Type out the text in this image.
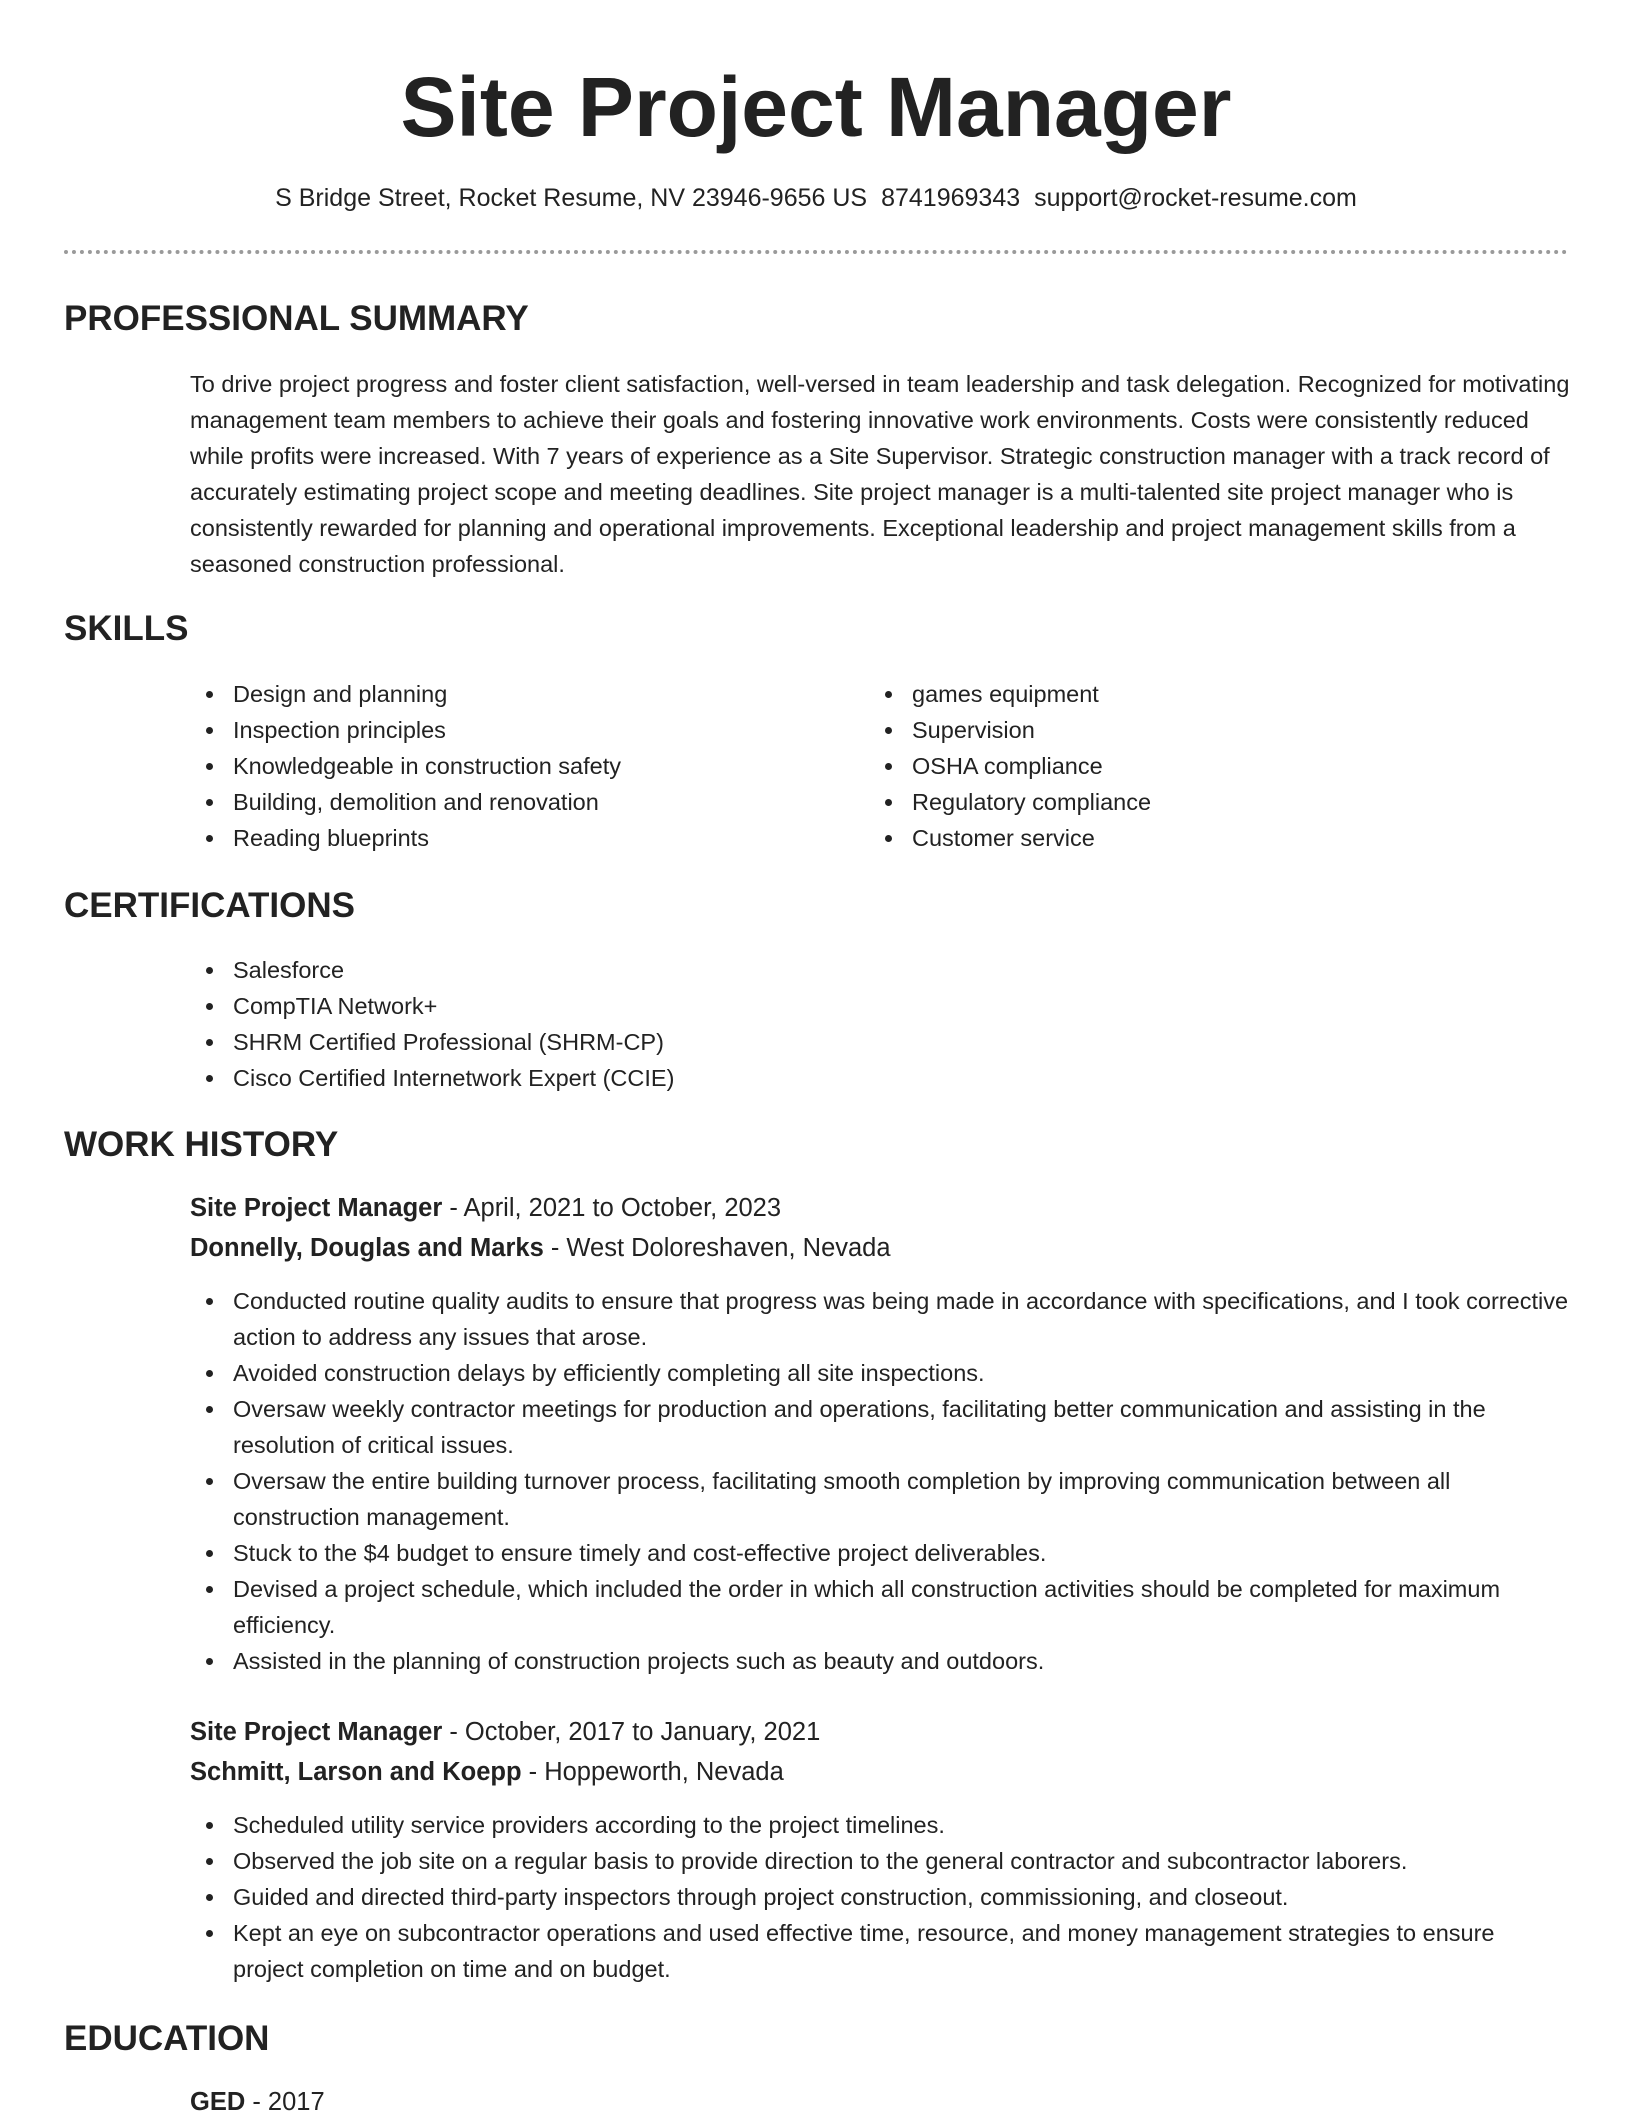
Site Project Manager
S Bridge Street, Rocket Resume, NV 23946-9656 US 8741969343 support@rocket-resume.com
PROFESSIONAL SUMMARY

To drive project progress and foster client satisfaction, well-versed in team leadership and task delegation. Recognized for motivating management team members to achieve their goals and fostering innovative work environments. Costs were consistently reduced while profits were increased. With 7 years of experience as a Site Supervisor. Strategic construction manager with a track record of accurately estimating project scope and meeting deadlines. Site project manager is a multi-talented site project manager who is consistently rewarded for planning and operational improvements. Exceptional leadership and project management skills from a seasoned construction professional.

SKILLS
Design and planning
Inspection principles
Knowledgeable in construction safety
Building, demolition and renovation
Reading blueprints
games equipment
Supervision
OSHA compliance
Regulatory compliance
Customer service
CERTIFICATIONS
Salesforce
CompTIA Network+
SHRM Certified Professional (SHRM-CP)
Cisco Certified Internetwork Expert (CCIE)
WORK HISTORY
Site Project Manager - April, 2021 to October, 2023
Donnelly, Douglas and Marks - West Doloreshaven, Nevada
Conducted routine quality audits to ensure that progress was being made in accordance with specifications, and I took corrective action to address any issues that arose.
Avoided construction delays by efficiently completing all site inspections.
Oversaw weekly contractor meetings for production and operations, facilitating better communication and assisting in the resolution of critical issues.
Oversaw the entire building turnover process, facilitating smooth completion by improving communication between all construction management.
Stuck to the $4 budget to ensure timely and cost-effective project deliverables.
Devised a project schedule, which included the order in which all construction activities should be completed for maximum efficiency.
Assisted in the planning of construction projects such as beauty and outdoors.
Site Project Manager - October, 2017 to January, 2021
Schmitt, Larson and Koepp - Hoppeworth, Nevada
Scheduled utility service providers according to the project timelines.
Observed the job site on a regular basis to provide direction to the general contractor and subcontractor laborers.
Guided and directed third-party inspectors through project construction, commissioning, and closeout.
Kept an eye on subcontractor operations and used effective time, resource, and money management strategies to ensure project completion on time and on budget.
EDUCATION
GED - 2017
